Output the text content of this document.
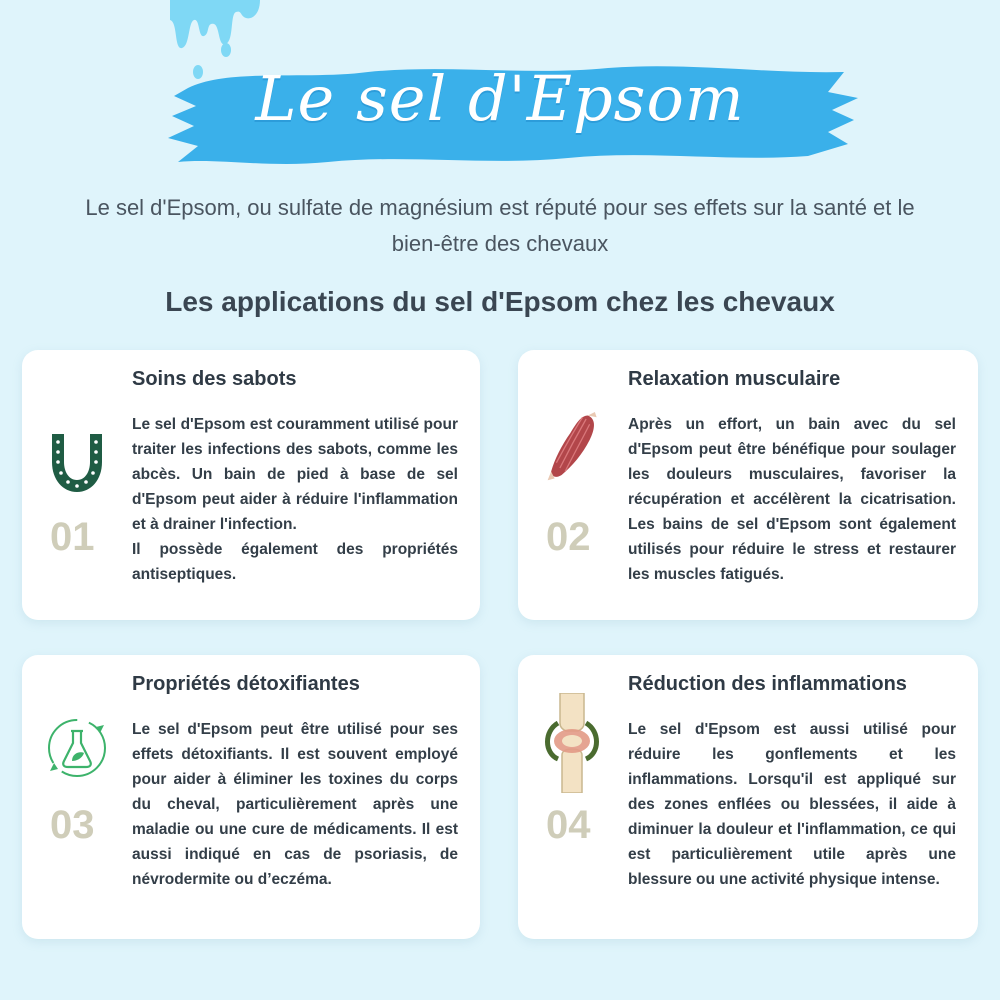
Le sel d'Epsom
Le sel d'Epsom, ou sulfate de magnésium est réputé pour ses effets sur la santé et le bien-être des chevaux
Les applications du sel d'Epsom chez les chevaux
01
Soins des sabots
Le sel d'Epsom est couramment utilisé pour traiter les infections des sabots, comme les abcès. Un bain de pied à base de sel d'Epsom peut aider à réduire l'inflammation et à drainer l'infection.
Il possède également des propriétés antiseptiques.
02
Relaxation musculaire
Après un effort, un bain avec du sel d'Epsom peut être bénéfique pour soulager les douleurs musculaires, favoriser la récupération et accélèrent la cicatrisation. Les bains de sel d'Epsom sont également utilisés pour réduire le stress et restaurer les muscles fatigués.
03
Propriétés détoxifiantes
Le sel d'Epsom peut être utilisé pour ses effets détoxifiants. Il est souvent employé pour aider à éliminer les toxines du corps du cheval, particulièrement après une maladie ou une cure de médicaments. Il est aussi indiqué en cas de psoriasis, de névrodermite ou d’eczéma.
04
Réduction des inflammations
Le sel d'Epsom est aussi utilisé pour réduire les gonflements et les inflammations. Lorsqu'il est appliqué sur des zones enflées ou blessées, il aide à diminuer la douleur et l'inflammation, ce qui est particulièrement utile après une blessure ou une activité physique intense.
